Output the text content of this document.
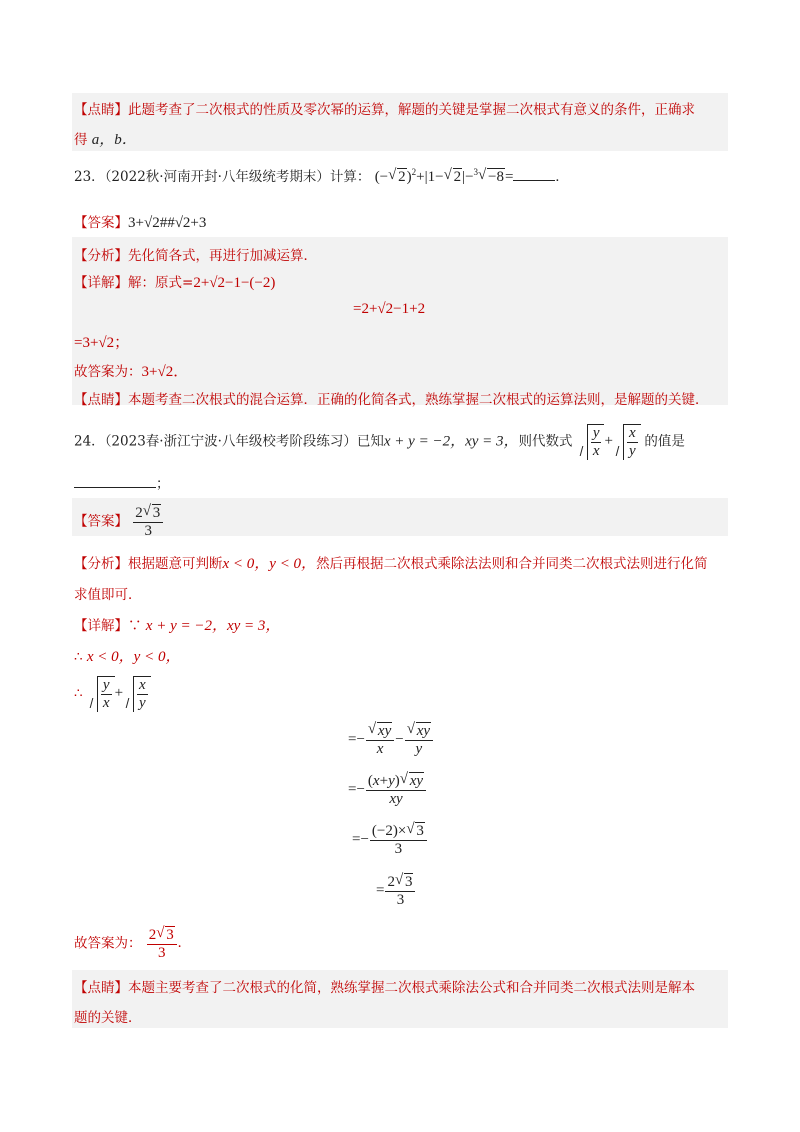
【点睛】此题考查了二次根式的性质及零次幂的运算，解题的关键是掌握二次根式有意义的条件，正确求
得 a，b．
23．（2022秋·河南开封·八年级统考期末）计算： (− √ 2)$^2$+|1− √ 2|−$^3$ √ −8=	.
【答案】3+√2##√2+3
【分析】先化简各式，再进行加减运算．
【详解】解：原式=2+√2−1−(−2)
=2+√2−1+2
=3+√2；
故答案为：3+√2．
【点睛】本题考查二次根式的混合运算．正确的化简各式，熟练掌握二次根式的运算法则，是解题的关键．
24．（2023春·浙江宁波·八年级校考阶段练习）已知x + y = −2，xy = 3，则代数式 $\frac{y}{x} + \frac{x}{y}$ 的值是
；
【答案】 $\frac{2 √ 3}{3}$
【分析】根据题意可判断x < 0，y < 0，然后再根据二次根式乘除法法则和合并同类二次根式法则进行化简
求值即可．
【详解】∵ x + y = −2，xy = 3，
∴ x < 0，y < 0，
∴ $\frac{y}{x} + \frac{x}{y}$
=− √ $\frac{xy}{x}$ − √ $\frac{xy}{y}$
=− $\frac{(x+y) √ xy}{xy}$
=− $\frac{(-2)\times √ 3}{3}$
= $\frac{2 √ 3}{3}$
故答案为： $\frac{2 √ 3}{3}$ .
【点睛】本题主要考查了二次根式的化简，熟练掌握二次根式乘除法公式和合并同类二次根式法则是解本
题的关键．
